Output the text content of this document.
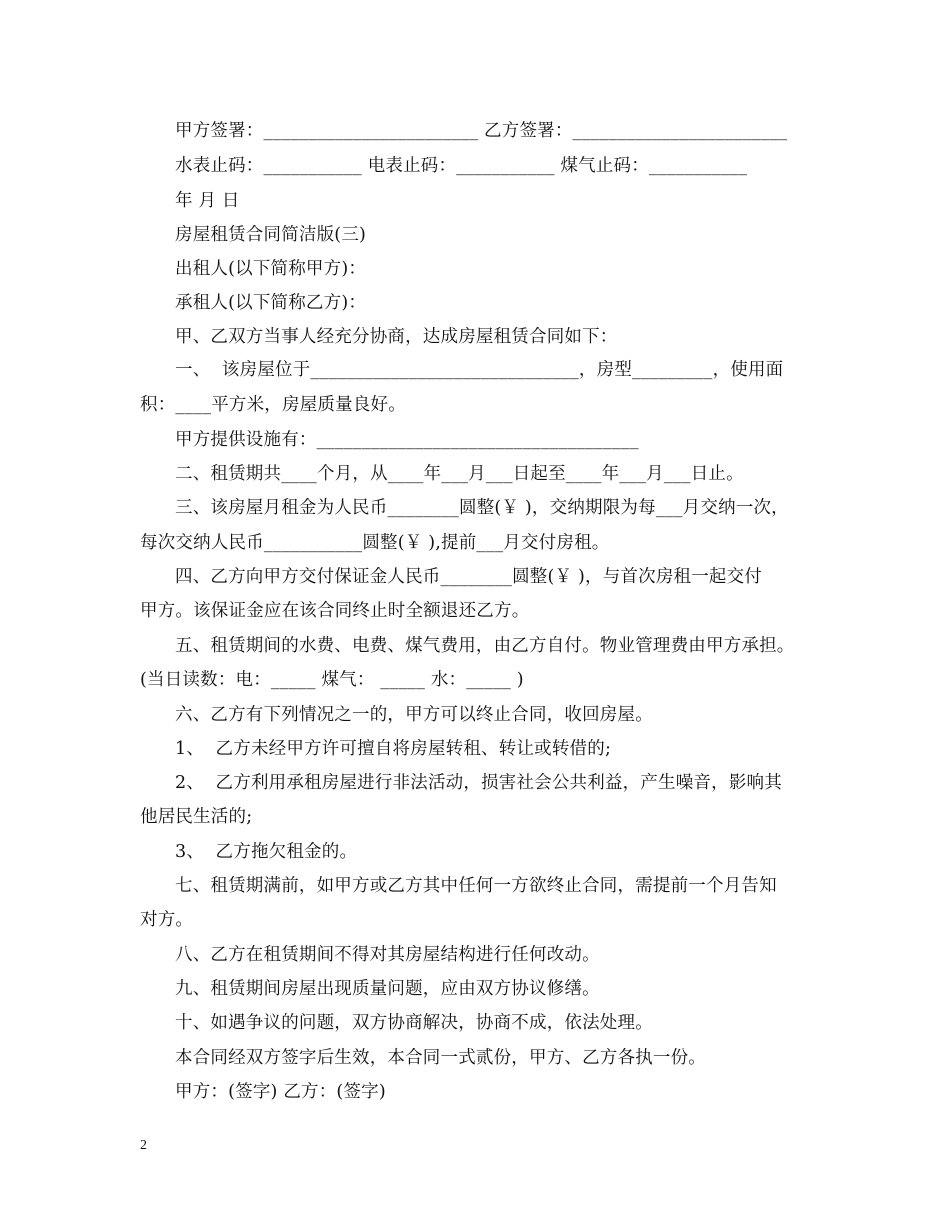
甲方签署：________________________ 乙方签署：________________________
水表止码：___________ 电表止码：___________ 煤气止码：___________
年 月 日
房屋租赁合同简洁版(三)
出租人(以下简称甲方)：
承租人(以下简称乙方)：
甲、乙双方当事人经充分协商，达成房屋租赁合同如下：
一、  该房屋位于______________________________，房型_________，使用面
积：____平方米，房屋质量良好。
甲方提供设施有：____________________________________
二、租赁期共____个月，从____年___月___日起至____年___月___日止。
三、该房屋月租金为人民币________圆整(￥ )，交纳期限为每___月交纳一次，
每次交纳人民币___________圆整(￥ ),提前___月交付房租。
四、乙方向甲方交付保证金人民币________圆整(￥ )，与首次房租一起交付
甲方。该保证金应在该合同终止时全额退还乙方。
五、租赁期间的水费、电费、煤气费用，由乙方自付。物业管理费由甲方承担。
(当日读数：电：_____ 煤气： _____ 水：_____ )
六、乙方有下列情况之一的，甲方可以终止合同，收回房屋。
1、  乙方未经甲方许可擅自将房屋转租、转让或转借的;
2、  乙方利用承租房屋进行非法活动，损害社会公共利益，产生噪音，影响其
他居民生活的;
3、  乙方拖欠租金的。
七、租赁期满前，如甲方或乙方其中任何一方欲终止合同，需提前一个月告知
对方。
八、乙方在租赁期间不得对其房屋结构进行任何改动。
九、租赁期间房屋出现质量问题，应由双方协议修缮。
十、如遇争议的问题，双方协商解决，协商不成，依法处理。
本合同经双方签字后生效，本合同一式贰份，甲方、乙方各执一份。
甲方：(签字) 乙方：(签字)
2
